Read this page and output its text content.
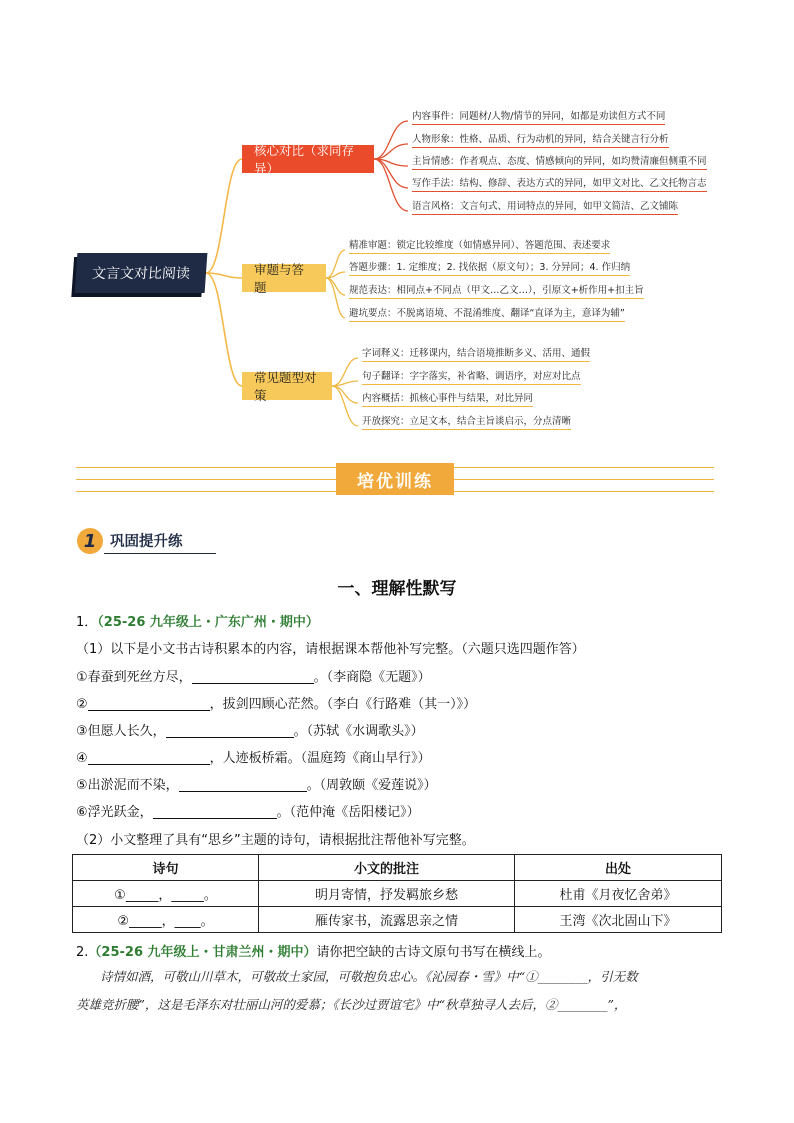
文言文对比阅读
核心对比（求同存异）
审题与答题
常见题型对策
内容事件：同题材/人物/情节的异同，如都是劝读但方式不同
人物形象：性格、品质、行为动机的异同，结合关键言行分析
主旨情感：作者观点、态度、情感倾向的异同，如均赞清廉但侧重不同
写作手法：结构、修辞、表达方式的异同，如甲文对比、乙文托物言志
语言风格：文言句式、用词特点的异同，如甲文简洁、乙文铺陈
精准审题：锁定比较维度（如情感异同）、答题范围、表述要求
答题步骤：1. 定维度；2. 找依据（原文句）；3. 分异同；4. 作归纳
规范表达：相同点+不同点（甲文…乙文…），引原文+析作用+扣主旨
避坑要点：不脱离语境、不混淆维度、翻译“直译为主，意译为辅”
字词释义：迁移课内，结合语境推断多义、活用、通假
句子翻译：字字落实，补省略、调语序，对应对比点
内容概括：抓核心事件与结果，对比异同
开放探究：立足文本，结合主旨谈启示，分点清晰
培优训练
1 巩固提升练
一、理解性默写
1．（25-26 九年级上・广东广州・期中）
（1）以下是小文书古诗积累本的内容，请根据课本帮他补写完整。（六题只选四题作答）
①春蚕到死丝方尽，	。（李商隐《无题》）
②	，拔剑四顾心茫然。（李白《行路难（其一）》）
③但愿人长久，	。（苏轼《水调歌头》）
④	，人迹板桥霜。（温庭筠《商山早行》）
⑤出淤泥而不染，	。（周敦颐《爱莲说》）
⑥浮光跃金，	。（范仲淹《岳阳楼记》）
（2）小文整理了具有“思乡”主题的诗句，请根据批注帮他补写完整。
诗句	小文的批注	出处
①_____，_____。	明月寄情，抒发羁旅乡愁	杜甫《月夜忆舍弟》
②_____，____。	雁传家书，流露思亲之情	王湾《次北固山下》
2.（25-26 九年级上・甘肃兰州・期中）请你把空缺的古诗文原句书写在横线上。
诗情如酒，可敬山川草木，可敬故土家园，可敬抱负忠心。《沁园春・雪》中“①________，引无数
英雄竞折腰”，这是毛泽东对壮丽山河的爱慕；《长沙过贾谊宅》中“秋草独寻人去后，②________”，
